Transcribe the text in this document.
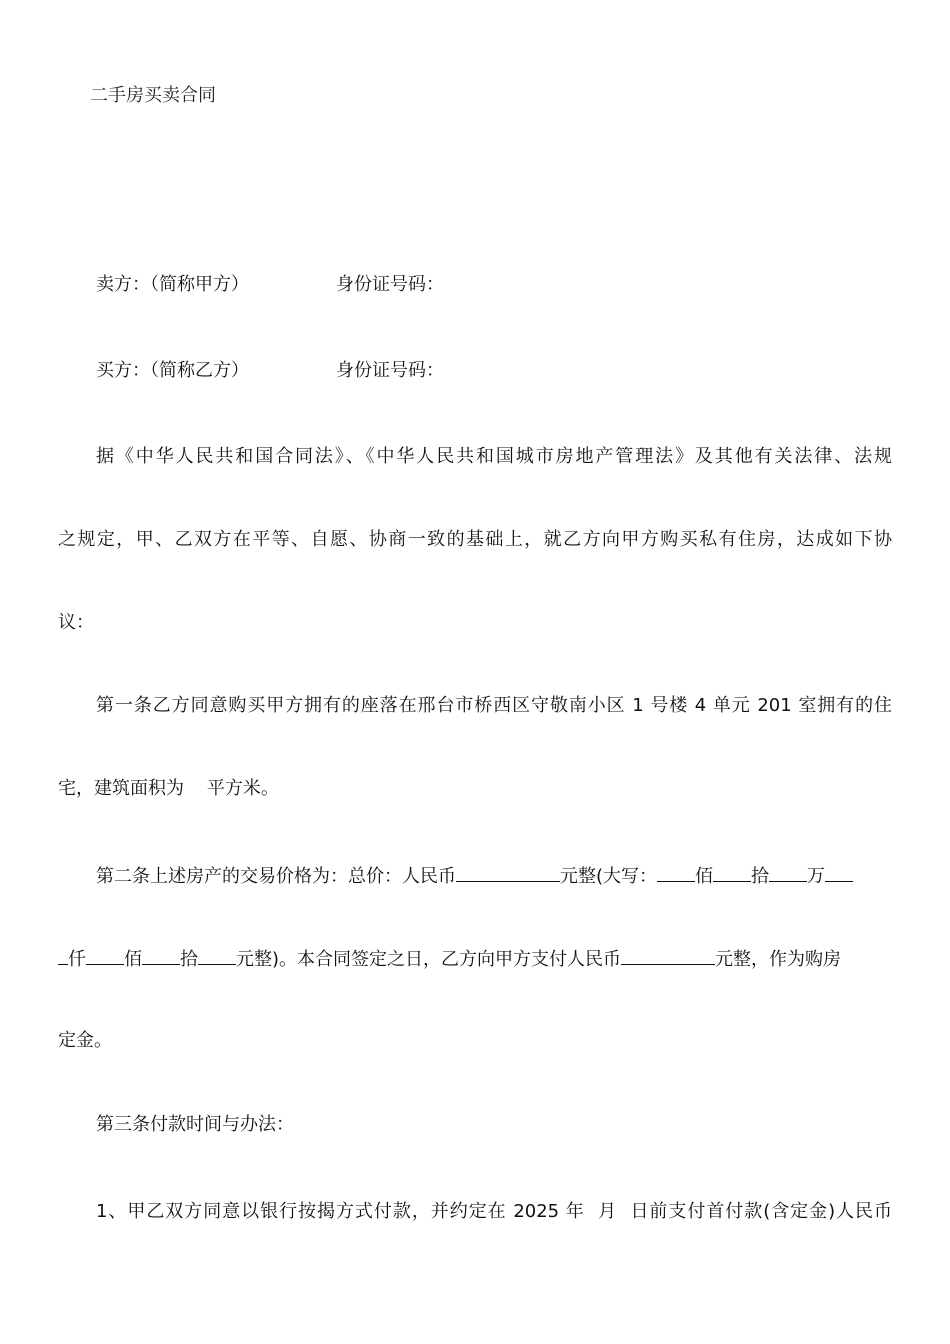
二手房买卖合同
卖方：（简称甲方）	身份证号码：
买方：（简称乙方）	身份证号码：
据《中华人民共和国合同法》、《中华人民共和国城市房地产管理法》及其他有关法律、法规
之规定，甲、乙双方在平等、自愿、协商一致的基础上，就乙方向甲方购买私有住房，达成如下协
议：
第一条乙方同意购买甲方拥有的座落在邢台市桥西区守敬南小区 1 号楼 4 单元 201 室拥有的住
宅，建筑面积为    平方米。
第二条上述房产的交易价格为：总价：人民币	元整(大写： 佰 拾 万
仟 佰 拾 元整)。本合同签定之日，乙方向甲方支付人民币	元整，作为购房
定金。
第三条付款时间与办法：
1、甲乙双方同意以银行按揭方式付款，并约定在 2025 年  月  日前支付首付款(含定金)人民币
